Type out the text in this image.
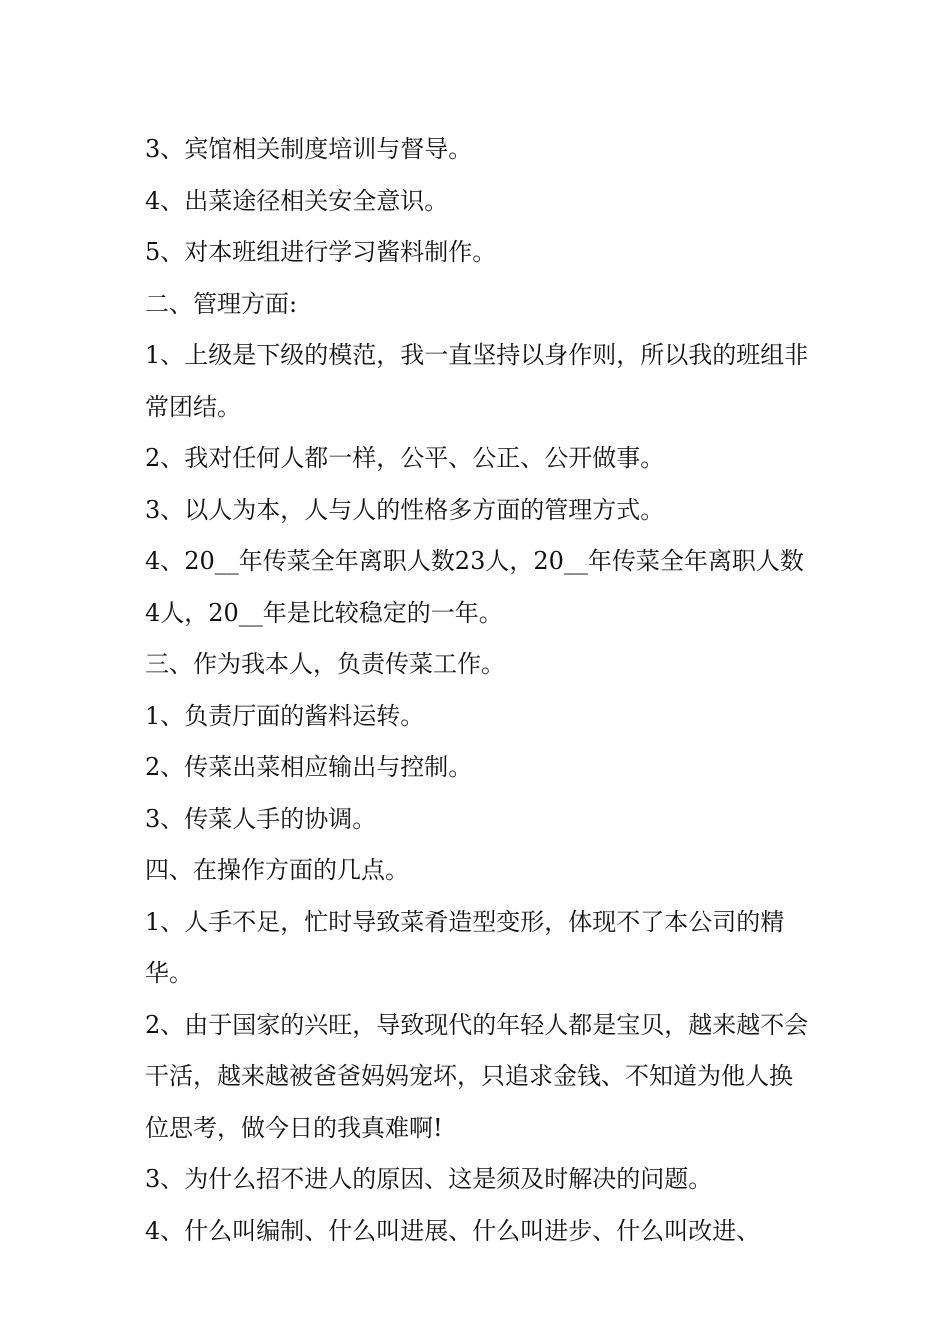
3、宾馆相关制度培训与督导。

4、出菜途径相关安全意识。

5、对本班组进行学习酱料制作。

二、管理方面:

1、上级是下级的模范，我一直坚持以身作则，所以我的班组非常团结。

2、我对任何人都一样，公平、公正、公开做事。

3、以人为本，人与人的性格多方面的管理方式。

4、20__年传菜全年离职人数23人，20__年传菜全年离职人数4人，20__年是比较稳定的一年。

三、作为我本人，负责传菜工作。

1、负责厅面的酱料运转。

2、传菜出菜相应输出与控制。

3、传菜人手的协调。

四、在操作方面的几点。

1、人手不足，忙时导致菜肴造型变形，体现不了本公司的精华。

2、由于国家的兴旺，导致现代的年轻人都是宝贝，越来越不会干活，越来越被爸爸妈妈宠坏，只追求金钱、不知道为他人换位思考，做今日的我真难啊!

3、为什么招不进人的原因、这是须及时解决的问题。

4、什么叫编制、什么叫进展、什么叫进步、什么叫改进、
